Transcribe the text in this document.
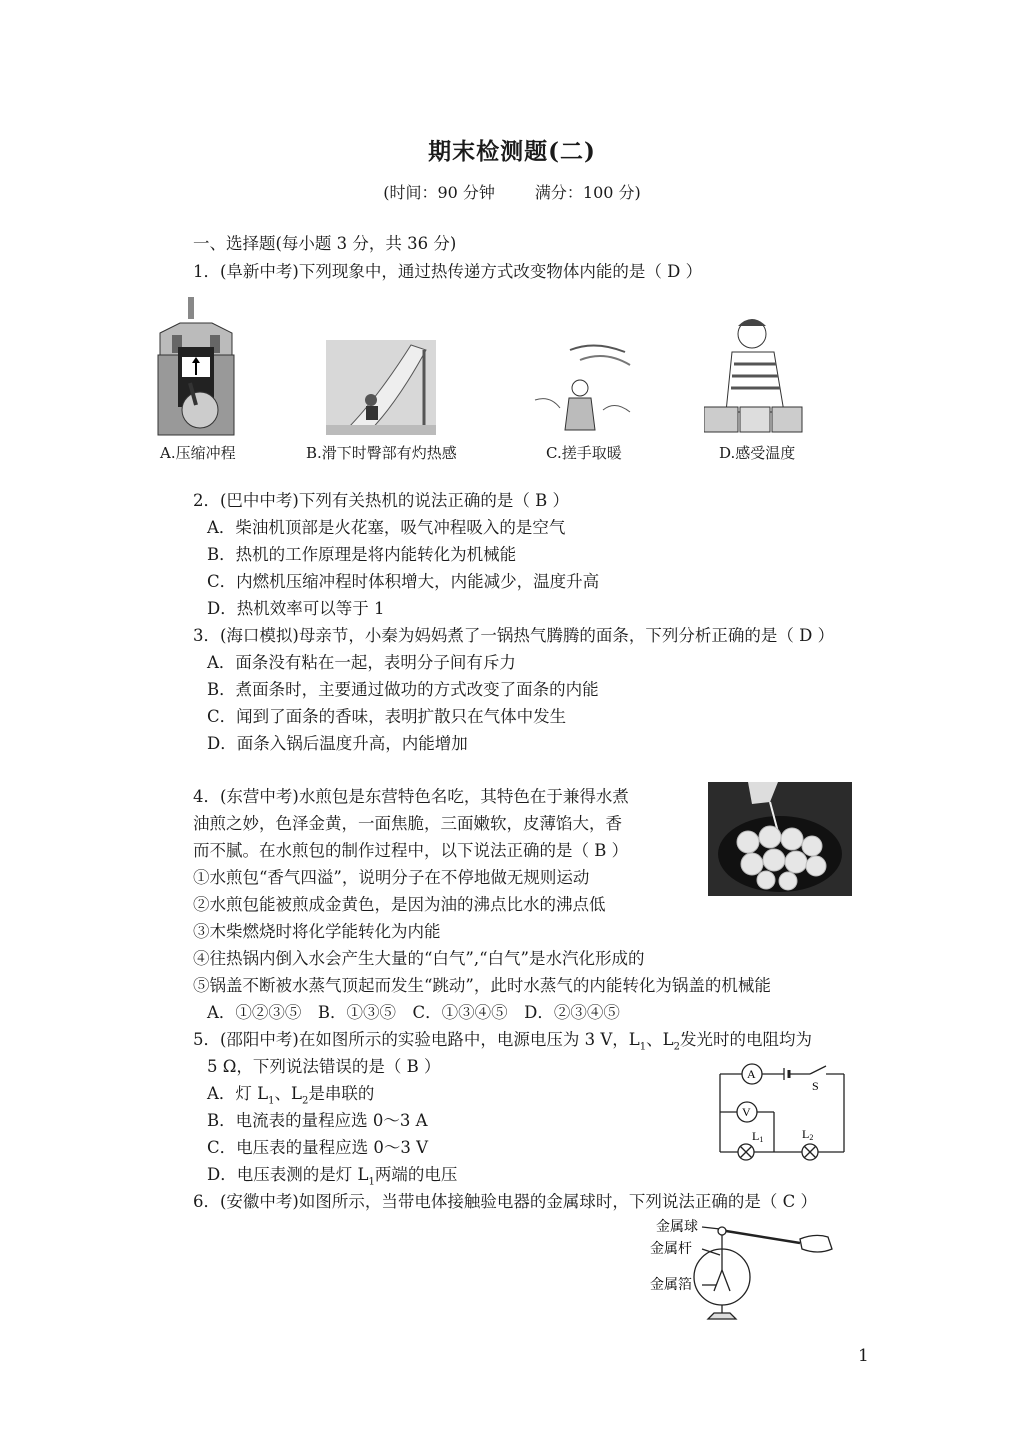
期末检测题(二)
(时间：90 分钟	满分：100 分)
一、选择题(每小题 3 分，共 36 分)
1．(阜新中考)下列现象中，通过热传递方式改变物体内能的是（ D ）
A.压缩冲程	B.滑下时臀部有灼热感	C.搓手取暖	D.感受温度
2．(巴中中考)下列有关热机的说法正确的是（ B ）
A．柴油机顶部是火花塞，吸气冲程吸入的是空气
B．热机的工作原理是将内能转化为机械能
C．内燃机压缩冲程时体积增大，内能减少，温度升高
D．热机效率可以等于 1
3．(海口模拟)母亲节，小秦为妈妈煮了一锅热气腾腾的面条，下列分析正确的是（ D ）
A．面条没有粘在一起，表明分子间有斥力
B．煮面条时，主要通过做功的方式改变了面条的内能
C．闻到了面条的香味，表明扩散只在气体中发生
D．面条入锅后温度升高，内能增加
4．(东营中考)水煎包是东营特色名吃，其特色在于兼得水煮
油煎之妙，色泽金黄，一面焦脆，三面嫩软，皮薄馅大，香
而不腻。在水煎包的制作过程中，以下说法正确的是（ B ）
①水煎包“香气四溢”，说明分子在不停地做无规则运动
②水煎包能被煎成金黄色，是因为油的沸点比水的沸点低
③木柴燃烧时将化学能转化为内能
④往热锅内倒入水会产生大量的“白气”,“白气”是水汽化形成的
⑤锅盖不断被水蒸气顶起而发生“跳动”，此时水蒸气的内能转化为锅盖的机械能
A．①②③⑤　B．①③⑤　C．①③④⑤　D．②③④⑤
5．(邵阳中考)在如图所示的实验电路中，电源电压为 3 V，$L_1$、$L_2$发光时的电阻均为
5 Ω，下列说法错误的是（ B ）
A．灯 $L_1$、$L_2$是串联的
B．电流表的量程应选 0～3 A
C．电压表的量程应选 0～3 V
D．电压表测的是灯 $L_1$两端的电压
A
V
S
L1	L2
6．(安徽中考)如图所示，当带电体接触验电器的金属球时，下列说法正确的是（ C ）
金属球
金属杆
金属箔
1
